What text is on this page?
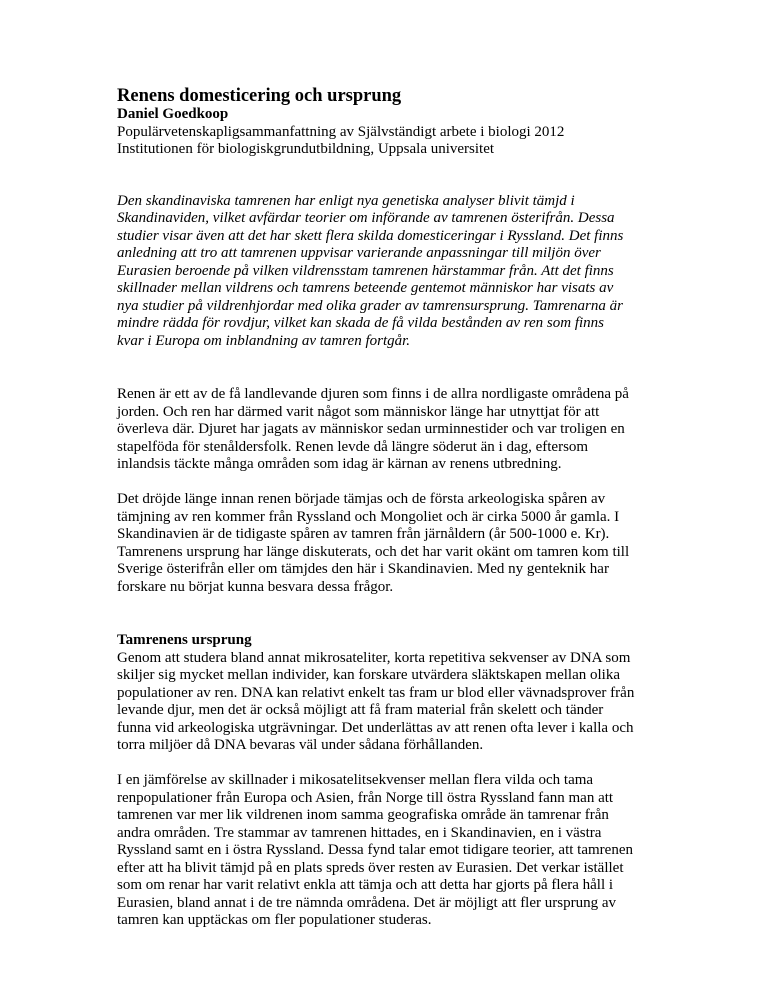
Renens domesticering och ursprung

Daniel Goedkoop

Populärvetenskapligsammanfattning av Självständigt arbete i biologi 2012

Institutionen för biologiskgrundutbildning, Uppsala universitet

Den skandinaviska tamrenen har enligt nya genetiska analyser blivit tämjd i

Skandinaviden, vilket avfärdar teorier om införande av tamrenen österifrån. Dessa

studier visar även att det har skett flera skilda domesticeringar i Ryssland. Det finns

anledning att tro att tamrenen uppvisar varierande anpassningar till miljön över

Eurasien beroende på vilken vildrensstam tamrenen härstammar från. Att det finns

skillnader mellan vildrens och tamrens beteende gentemot människor har visats av

nya studier på vildrenhjordar med olika grader av tamrensursprung. Tamrenarna är

mindre rädda för rovdjur, vilket kan skada de få vilda bestånden av ren som finns

kvar i Europa om inblandning av tamren fortgår.

Renen är ett av de få landlevande djuren som finns i de allra nordligaste områdena på

jorden. Och ren har därmed varit något som människor länge har utnyttjat för att

överleva där. Djuret har jagats av människor sedan urminnestider och var troligen en

stapelföda för stenåldersfolk. Renen levde då längre söderut än i dag, eftersom

inlandsis täckte många områden som idag är kärnan av renens utbredning.

Det dröjde länge innan renen började tämjas och de första arkeologiska spåren av

tämjning av ren kommer från Ryssland och Mongoliet och är cirka 5000 år gamla. I

Skandinavien är de tidigaste spåren av tamren från järnåldern (år 500-1000 e. Kr).

Tamrenens ursprung har länge diskuterats, och det har varit okänt om tamren kom till

Sverige österifrån eller om tämjdes den här i Skandinavien. Med ny genteknik har

forskare nu börjat kunna besvara dessa frågor.

Tamrenens ursprung

Genom att studera bland annat mikrosateliter, korta repetitiva sekvenser av DNA som

skiljer sig mycket mellan individer, kan forskare utvärdera släktskapen mellan olika

populationer av ren. DNA kan relativt enkelt tas fram ur blod eller vävnadsprover från

levande djur, men det är också möjligt att få fram material från skelett och tänder

funna vid arkeologiska utgrävningar. Det underlättas av att renen ofta lever i kalla och

torra miljöer då DNA bevaras väl under sådana förhållanden.

I en jämförelse av skillnader i mikosatelitsekvenser mellan flera vilda och tama

renpopulationer från Europa och Asien, från Norge till östra Ryssland fann man att

tamrenen var mer lik vildrenen inom samma geografiska område än tamrenar från

andra områden. Tre stammar av tamrenen hittades, en i Skandinavien, en i västra

Ryssland samt en i östra Ryssland. Dessa fynd talar emot tidigare teorier, att tamrenen

efter att ha blivit tämjd på en plats spreds över resten av Eurasien. Det verkar istället

som om renar har varit relativt enkla att tämja och att detta har gjorts på flera håll i

Eurasien, bland annat i de tre nämnda områdena. Det är möjligt att fler ursprung av

tamren kan upptäckas om fler populationer studeras.
